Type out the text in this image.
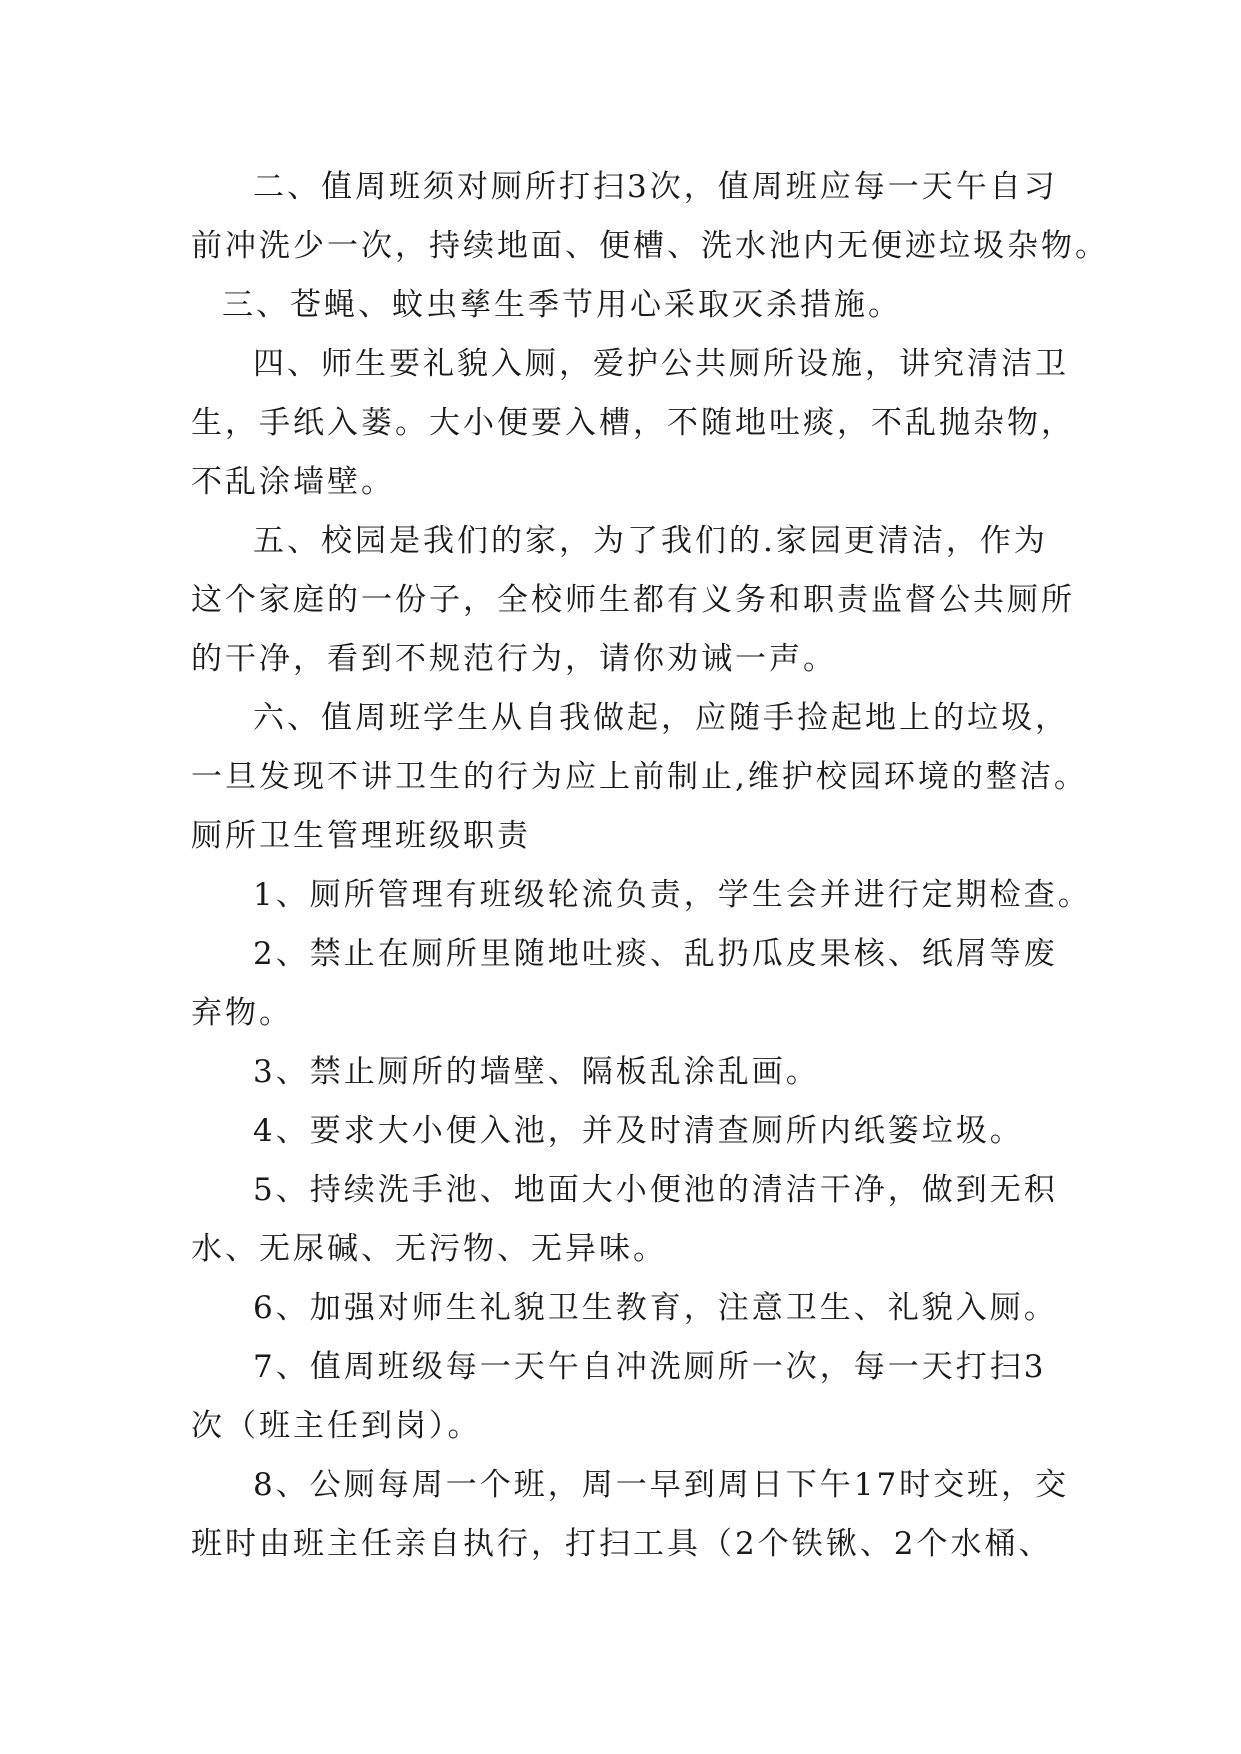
二、值周班须对厕所打扫3次，值周班应每一天午自习
前冲洗少一次，持续地面、便槽、洗水池内无便迹垃圾杂物。
三、苍蝇、蚊虫孳生季节用心采取灭杀措施。
四、师生要礼貌入厕，爱护公共厕所设施，讲究清洁卫
生，手纸入蒌。大小便要入槽，不随地吐痰，不乱抛杂物，
不乱涂墙壁。
五、校园是我们的家，为了我们的.家园更清洁，作为
这个家庭的一份子，全校师生都有义务和职责监督公共厕所
的干净，看到不规范行为，请你劝诫一声。
六、值周班学生从自我做起，应随手捡起地上的垃圾，
一旦发现不讲卫生的行为应上前制止,维护校园环境的整洁。
厕所卫生管理班级职责
1、厕所管理有班级轮流负责，学生会并进行定期检查。
2、禁止在厕所里随地吐痰、乱扔瓜皮果核、纸屑等废
弃物。
3、禁止厕所的墙壁、隔板乱涂乱画。
4、要求大小便入池，并及时清查厕所内纸篓垃圾。
5、持续洗手池、地面大小便池的清洁干净，做到无积
水、无尿碱、无污物、无异味。
6、加强对师生礼貌卫生教育，注意卫生、礼貌入厕。
7、值周班级每一天午自冲洗厕所一次，每一天打扫3
次（班主任到岗）。
8、公厕每周一个班，周一早到周日下午17时交班，交
班时由班主任亲自执行，打扫工具（2个铁锹、2个水桶、
